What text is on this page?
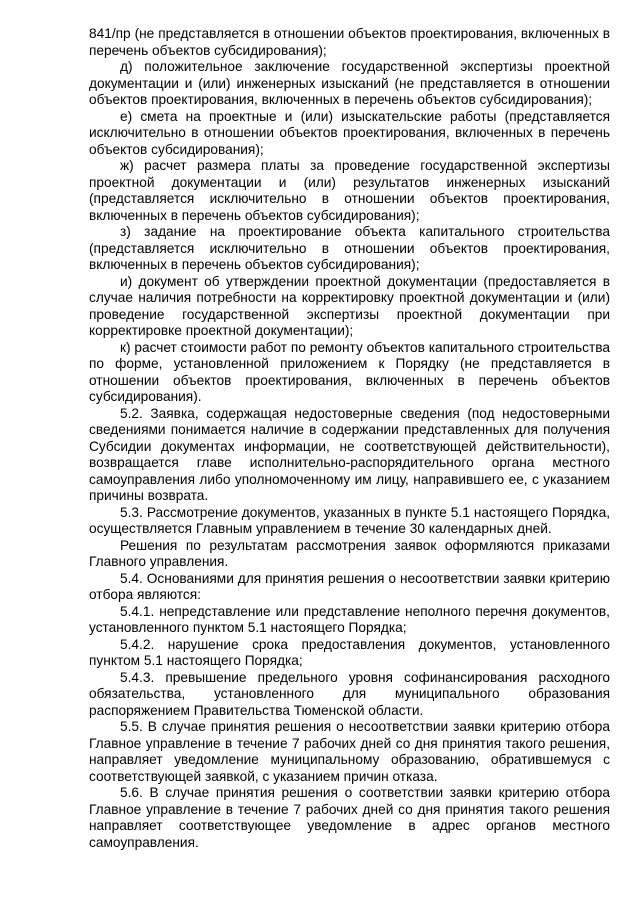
841/пр (не представляется в отношении объектов проектирования, включенных в перечень объектов субсидирования);

д) положительное заключение государственной экспертизы проектной документации и (или) инженерных изысканий (не представляется в отношении объектов проектирования, включенных в перечень объектов субсидирования);

е) смета на проектные и (или) изыскательские работы (представляется исключительно в отношении объектов проектирования, включенных в перечень объектов субсидирования);

ж) расчет размера платы за проведение государственной экспертизы проектной документации и (или) результатов инженерных изысканий (представляется исключительно в отношении объектов проектирования, включенных в перечень объектов субсидирования);

з) задание на проектирование объекта капитального строительства (представляется исключительно в отношении объектов проектирования, включенных в перечень объектов субсидирования);

и) документ об утверждении проектной документации (предоставляется в случае наличия потребности на корректировку проектной документации и (или) проведение государственной экспертизы проектной документации при корректировке проектной документации);

к) расчет стоимости работ по ремонту объектов капитального строительства по форме, установленной приложением к Порядку (не представляется в отношении объектов проектирования, включенных в перечень объектов субсидирования).

5.2. Заявка, содержащая недостоверные сведения (под недостоверными сведениями понимается наличие в содержании представленных для получения Субсидии документах информации, не соответствующей действительности), возвращается главе исполнительно-распорядительного органа местного самоуправления либо уполномоченному им лицу, направившего ее, с указанием причины возврата.

5.3. Рассмотрение документов, указанных в пункте 5.1 настоящего Порядка, осуществляется Главным управлением в течение 30 календарных дней.

Решения по результатам рассмотрения заявок оформляются приказами Главного управления.

5.4. Основаниями для принятия решения о несоответствии заявки критерию отбора являются:

5.4.1. непредставление или представление неполного перечня документов, установленного пунктом 5.1 настоящего Порядка;

5.4.2. нарушение срока предоставления документов, установленного пунктом 5.1 настоящего Порядка;

5.4.3. превышение предельного уровня софинансирования расходного обязательства, установленного для муниципального образования распоряжением Правительства Тюменской области.

5.5. В случае принятия решения о несоответствии заявки критерию отбора Главное управление в течение 7 рабочих дней со дня принятия такого решения, направляет уведомление муниципальному образованию, обратившемуся с соответствующей заявкой, с указанием причин отказа.

5.6. В случае принятия решения о соответствии заявки критерию отбора Главное управление в течение 7 рабочих дней со дня принятия такого решения направляет соответствующее уведомление в адрес органов местного самоуправления.
